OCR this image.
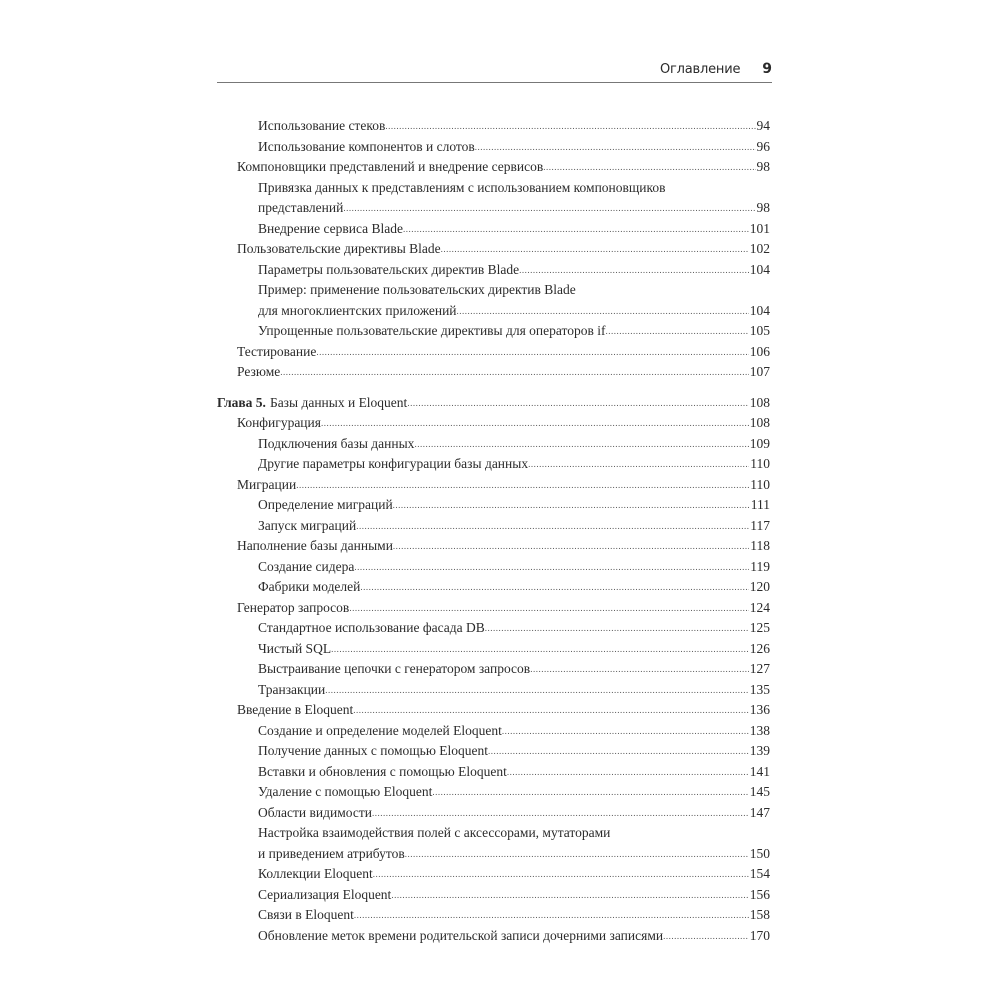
Оглавление 9
Использование стеков .....	94
Использование компонентов и слотов .....	96
Компоновщики представлений и внедрение сервисов .....	98
Привязка данных к представлениям с использованием компоновщиков
представлений .....	98
Внедрение сервиса Blade .....	101
Пользовательские директивы Blade .....	102
Параметры пользовательских директив Blade .....	104
Пример: применение пользовательских директив Blade
для многоклиентских приложений .....	104
Упрощенные пользовательские директивы для операторов if .....	105
Тестирование .....	106
Резюме .....	107
Глава 5. Базы данных и Eloquent .....	108
Конфигурация .....	108
Подключения базы данных .....	109
Другие параметры конфигурации базы данных .....	110
Миграции .....	110
Определение миграций .....	111
Запуск миграций .....	117
Наполнение базы данными .....	118
Создание сидера .....	119
Фабрики моделей .....	120
Генератор запросов .....	124
Стандартное использование фасада DB .....	125
Чистый SQL .....	126
Выстраивание цепочки с генератором запросов .....	127
Транзакции .....	135
Введение в Eloquent .....	136
Создание и определение моделей Eloquent .....	138
Получение данных с помощью Eloquent .....	139
Вставки и обновления с помощью Eloquent .....	141
Удаление с помощью Eloquent .....	145
Области видимости .....	147
Настройка взаимодействия полей с аксессорами, мутаторами
и приведением атрибутов .....	150
Коллекции Eloquent .....	154
Сериализация Eloquent .....	156
Связи в Eloquent .....	158
Обновление меток времени родительской записи дочерними записями .....	170
